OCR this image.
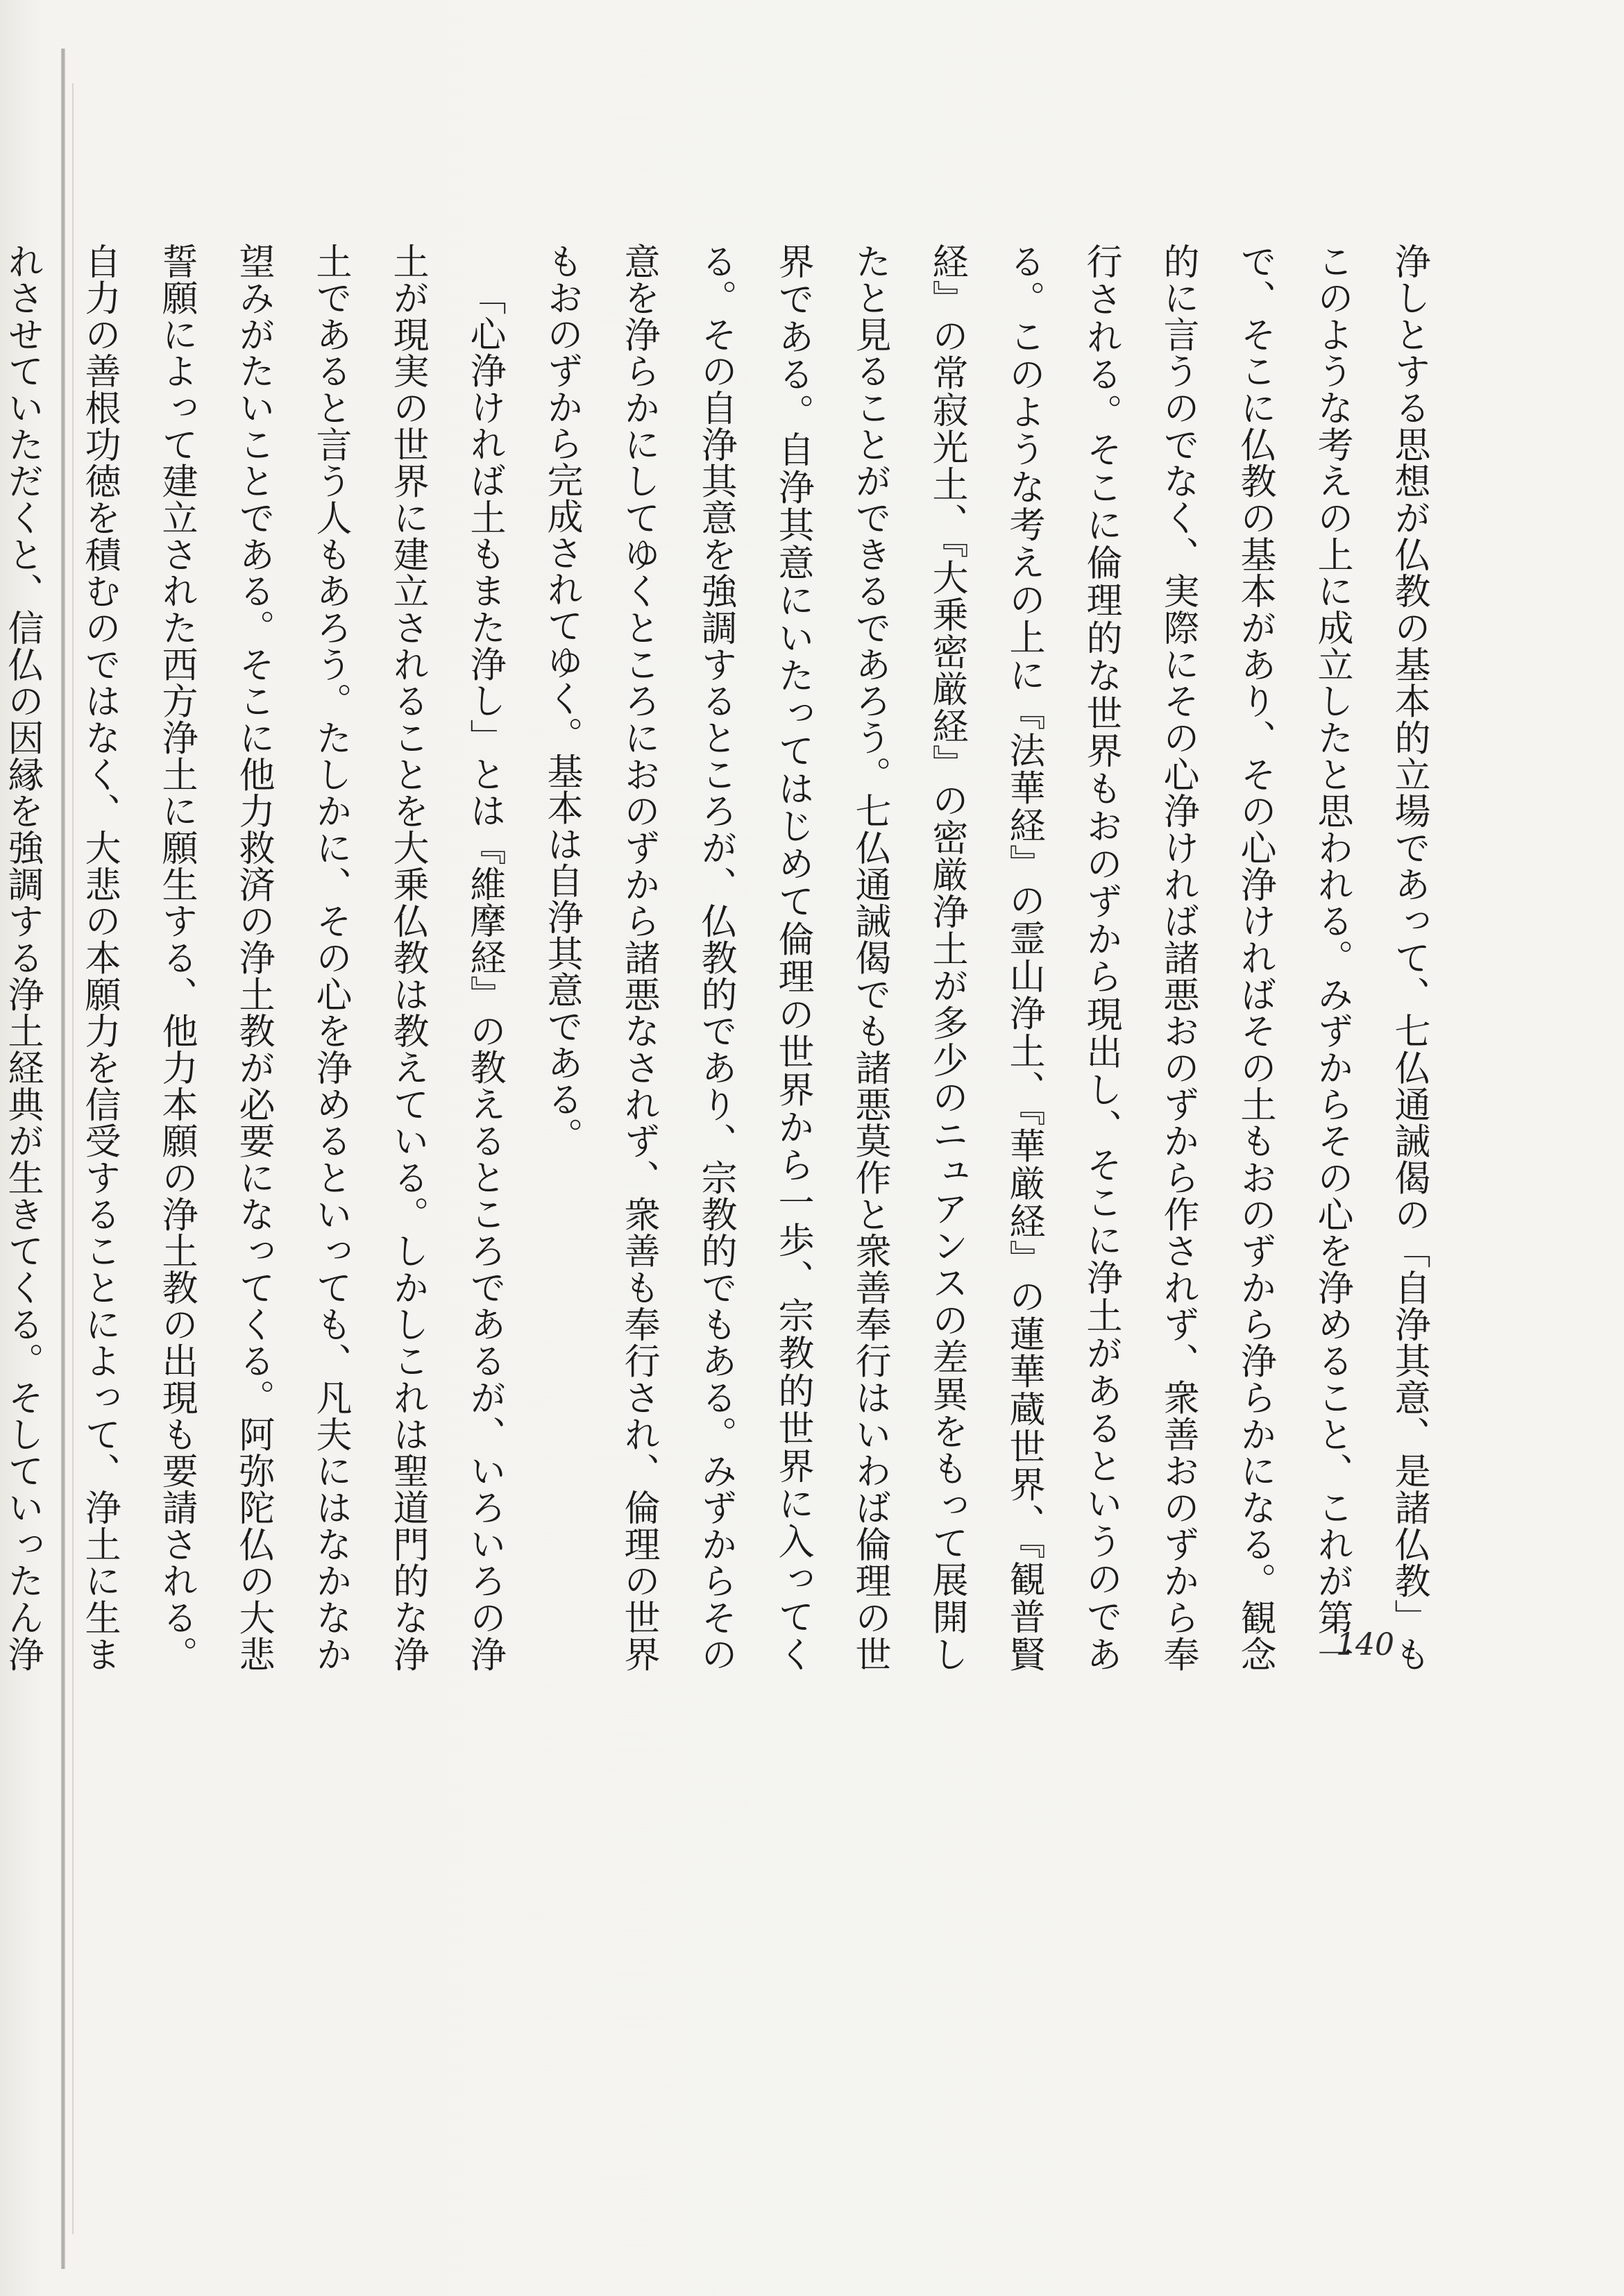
浄しとする思想が仏教の基本的立場であって、七仏通誡偈の「自浄其意、是諸仏教」もこのような考えの上に成立したと思われる。みずからその心を浄めること、これが第一で、そこに仏教の基本があり、その心浄ければその土もおのずから浄らかになる。観念的に言うのでなく、実際にその心浄ければ諸悪おのずから作されず、衆善おのずから奉行される。そこに倫理的な世界もおのずから現出し、そこに浄土があるというのである。このような考えの上に『法華経』の霊山浄土、『華厳経』の蓮華蔵世界、『観普賢経』の常寂光土、『大乗密厳経』の密厳浄土が多少のニュアンスの差異をもって展開したと見ることができるであろう。七仏通誡偈でも諸悪莫作と衆善奉行はいわば倫理の世界である。自浄其意にいたってはじめて倫理の世界から一歩、宗教的世界に入ってくる。その自浄其意を強調するところが、仏教的であり、宗教的でもある。みずからその意を浄らかにしてゆくところにおのずから諸悪なされず、衆善も奉行され、倫理の世界もおのずから完成されてゆく。基本は自浄其意である。

「心浄ければ土もまた浄し」とは『維摩経』の教えるところであるが、いろいろの浄土が現実の世界に建立されることを大乗仏教は教えている。しかしこれは聖道門的な浄土であると言う人もあろう。たしかに、その心を浄めるといっても、凡夫にはなかなか望みがたいことである。そこに他力救済の浄土教が必要になってくる。阿弥陀仏の大悲誓願によって建立された西方浄土に願生する、他力本願の浄土教の出現も要請される。自力の善根功徳を積むのではなく、大悲の本願力を信受することによって、浄土に生まれさせていただくと、信仏の因縁を強調する浄土経典が生きてくる。そしていったん浄	140
